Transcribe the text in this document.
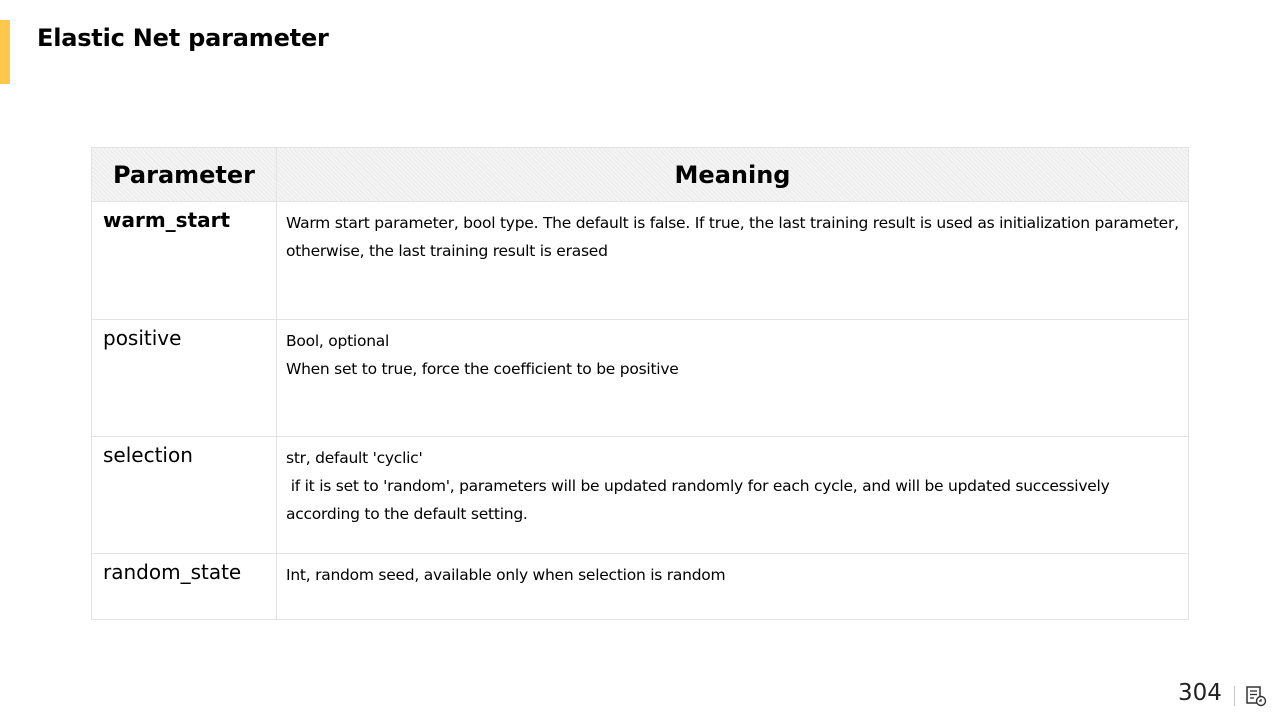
Elastic Net parameter
Parameter	Meaning

warm_start	Warm start parameter, bool type. The default is false. If true, the last training result is used as initialization parameter, otherwise, the last training result is erased

positive	Bool, optional
When set to true, force the coefficient to be positive

selection	str, default 'cyclic'
if it is set to 'random', parameters will be updated randomly for each cycle, and will be updated successively according to the default setting.

random_state	Int, random seed, available only when selection is random
304
